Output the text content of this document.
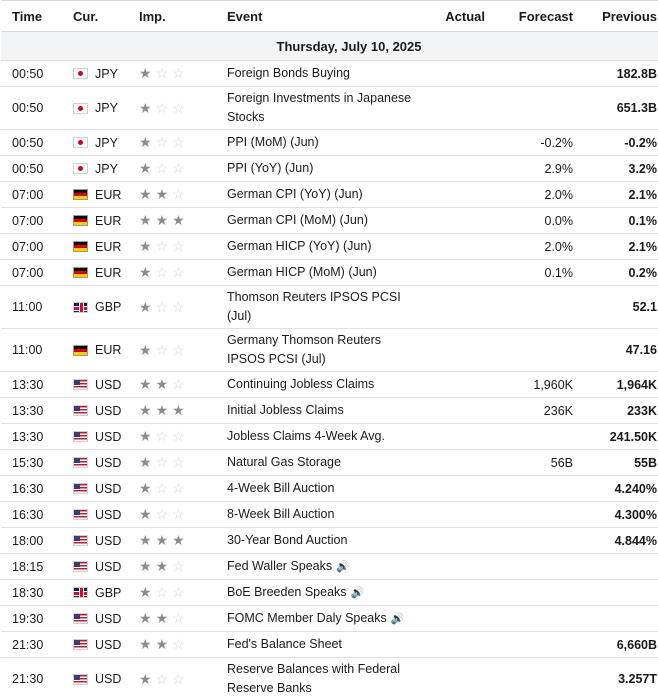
Time	Cur.	Imp.	Event	Actual	Forecast	Previous
Thursday, July 10, 2025						
00:50	JPY	★☆☆	Foreign Bonds Buying			182.8B
00:50	JPY	★☆☆	Foreign Investments in Japanese Stocks			651.3B
00:50	JPY	★☆☆	PPI (MoM) (Jun)		-0.2%	-0.2%
00:50	JPY	★☆☆	PPI (YoY) (Jun)		2.9%	3.2%
07:00	EUR	★★☆	German CPI (YoY) (Jun)		2.0%	2.1%
07:00	EUR	★★★	German CPI (MoM) (Jun)		0.0%	0.1%
07:00	EUR	★☆☆	German HICP (YoY) (Jun)		2.0%	2.1%
07:00	EUR	★☆☆	German HICP (MoM) (Jun)		0.1%	0.2%
11:00	GBP	★☆☆	Thomson Reuters IPSOS PCSI (Jul)			52.1
11:00	EUR	★☆☆	Germany Thomson Reuters IPSOS PCSI (Jul)			47.16
13:30	USD	★★☆	Continuing Jobless Claims		1,960K	1,964K
13:30	USD	★★★	Initial Jobless Claims		236K	233K
13:30	USD	★☆☆	Jobless Claims 4-Week Avg.			241.50K
15:30	USD	★☆☆	Natural Gas Storage		56B	55B
16:30	USD	★☆☆	4-Week Bill Auction			4.240%
16:30	USD	★☆☆	8-Week Bill Auction			4.300%
18:00	USD	★★★	30-Year Bond Auction			4.844%
18:15	USD	★★☆	Fed Waller Speaks 🔊			
18:30	GBP	★☆☆	BoE Breeden Speaks 🔊			
19:30	USD	★★☆	FOMC Member Daly Speaks 🔊			
21:30	USD	★★☆	Fed's Balance Sheet			6,660B
21:30	USD	★☆☆	Reserve Balances with Federal Reserve Banks			3.257T
